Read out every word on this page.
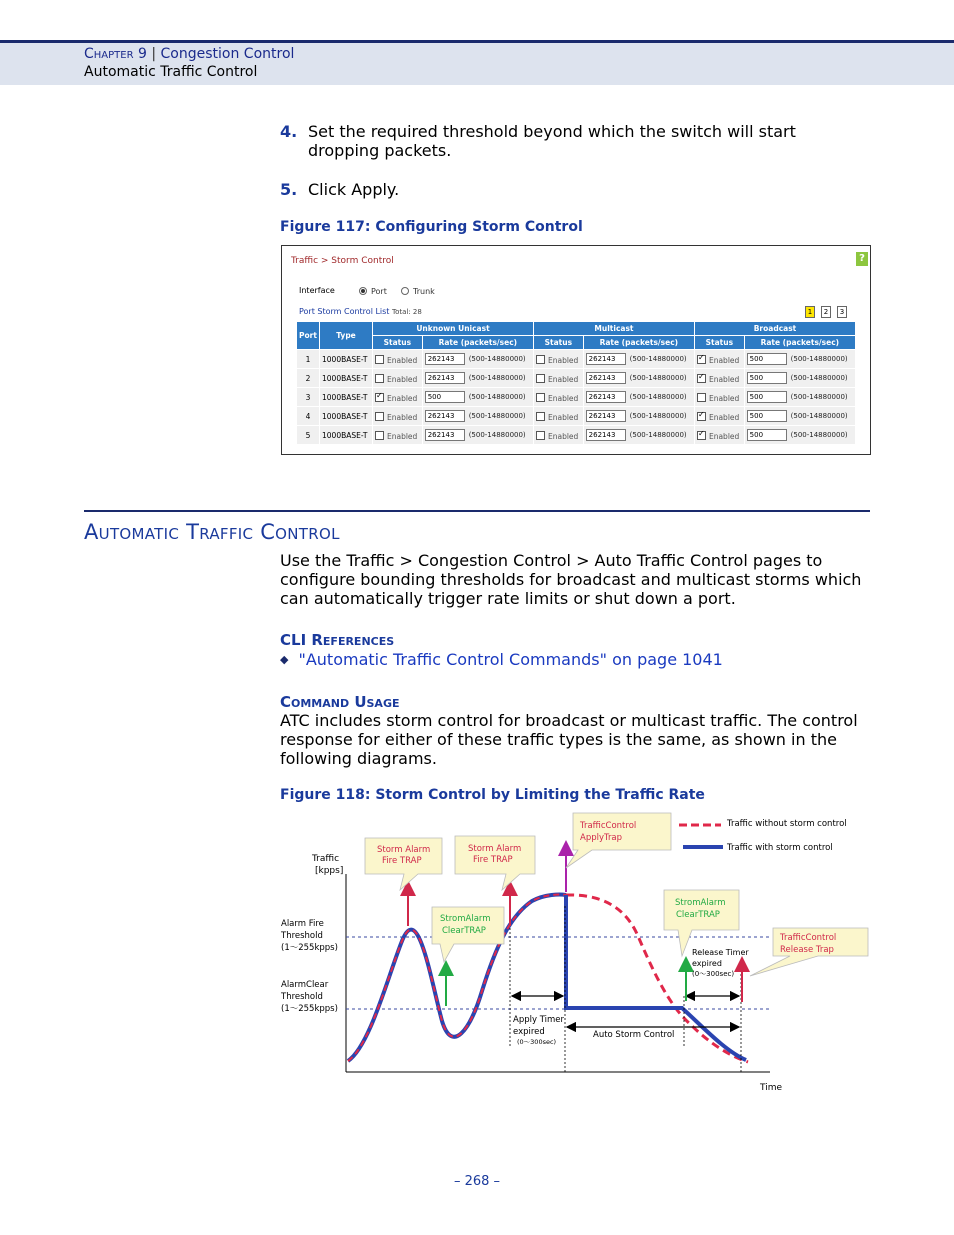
Chapter 9 | Congestion Control
Automatic Traffic Control
4. Set the required threshold beyond which the switch will start dropping packets.
5. Click Apply.
Figure 117: Configuring Storm Control
Traffic > Storm Control	?
Interface	Port	Trunk
Port Storm Control List Total: 28	1	2	3
Port	Type	Unknown Unicast		Multicast		Broadcast	
		Status	Rate (packets/sec)	Status	Rate (packets/sec)	Status	Rate (packets/sec)
1	1000BASE-T	Enabled	262143 (500-14880000)	Enabled	262143 (500-14880000)	✓Enabled	500 (500-14880000)
2	1000BASE-T	Enabled	262143 (500-14880000)	Enabled	262143 (500-14880000)	✓Enabled	500 (500-14880000)
3	1000BASE-T	✓Enabled	500 (500-14880000)	Enabled	262143 (500-14880000)	Enabled	500 (500-14880000)
4	1000BASE-T	Enabled	262143 (500-14880000)	Enabled	262143 (500-14880000)	✓Enabled	500 (500-14880000)
5	1000BASE-T	Enabled	262143 (500-14880000)	Enabled	262143 (500-14880000)	✓Enabled	500 (500-14880000)
Automatic Traffic Control
Use the Traffic > Congestion Control > Auto Traffic Control pages to configure bounding thresholds for broadcast and multicast storms which can automatically trigger rate limits or shut down a port.
CLI References
◆ "Automatic Traffic Control Commands" on page 1041
Command Usage
ATC includes storm control for broadcast or multicast traffic. The control response for either of these traffic types is the same, as shown in the following diagrams.
Figure 118: Storm Control by Limiting the Traffic Rate
Traffic
[kpps]
Time
Alarm Fire
Threshold
(1～255kpps)
AlarmClear
Threshold
(1～255kpps)
Storm Alarm
Fire TRAP
Storm Alarm
Fire TRAP
StromAlarm
ClearTRAP
TrafficControl
ApplyTrap
StromAlarm
ClearTRAP
TrafficControl
Release Trap
Apply Timer
expired
(0～300sec)
Auto Storm Control
Release Timer
expired
(0～300sec)
Traffic without storm control
Traffic with storm control
– 268 –
